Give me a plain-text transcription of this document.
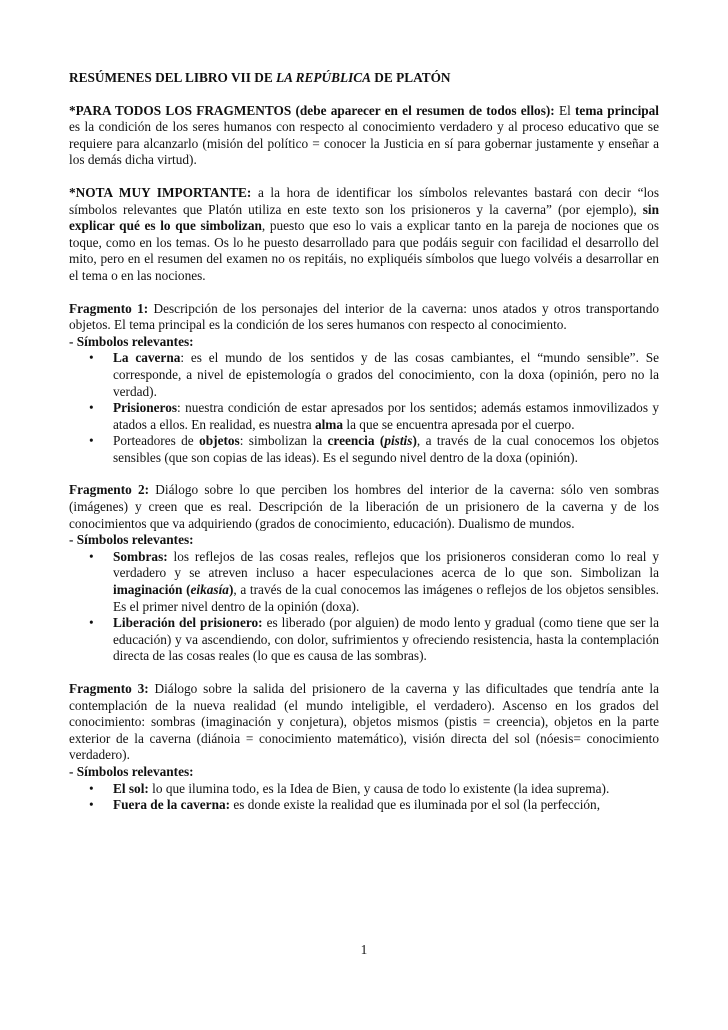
RESÚMENES DEL LIBRO VII DE LA REPÚBLICA DE PLATÓN

*PARA TODOS LOS FRAGMENTOS (debe aparecer en el resumen de todos ellos): El tema principal es la condición de los seres humanos con respecto al conocimiento verdadero y al proceso educativo que se requiere para alcanzarlo (misión del político = conocer la Justicia en sí para gobernar justamente y enseñar a los demás dicha virtud).

*NOTA MUY IMPORTANTE: a la hora de identificar los símbolos relevantes bastará con decir “los símbolos relevantes que Platón utiliza en este texto son los prisioneros y la caverna” (por ejemplo), sin explicar qué es lo que simbolizan, puesto que eso lo vais a explicar tanto en la pareja de nociones que os toque, como en los temas. Os lo he puesto desarrollado para que podáis seguir con facilidad el desarrollo del mito, pero en el resumen del examen no os repitáis, no expliquéis símbolos que luego volvéis a desarrollar en el tema o en las nociones.

Fragmento 1: Descripción de los personajes del interior de la caverna: unos atados y otros transportando objetos. El tema principal es la condición de los seres humanos con respecto al conocimiento.

- Símbolos relevantes:

• La caverna: es el mundo de los sentidos y de las cosas cambiantes, el “mundo sensible”. Se corresponde, a nivel de epistemología o grados del conocimiento, con la doxa (opinión, pero no la verdad).
• Prisioneros: nuestra condición de estar apresados por los sentidos; además estamos inmovilizados y atados a ellos. En realidad, es nuestra alma la que se encuentra apresada por el cuerpo.
• Porteadores de objetos: simbolizan la creencia (pistis), a través de la cual conocemos los objetos sensibles (que son copias de las ideas). Es el segundo nivel dentro de la doxa (opinión).

Fragmento 2: Diálogo sobre lo que perciben los hombres del interior de la caverna: sólo ven sombras (imágenes) y creen que es real. Descripción de la liberación de un prisionero de la caverna y de los conocimientos que va adquiriendo (grados de conocimiento, educación). Dualismo de mundos.

- Símbolos relevantes:

• Sombras: los reflejos de las cosas reales, reflejos que los prisioneros consideran como lo real y verdadero y se atreven incluso a hacer especulaciones acerca de lo que son. Simbolizan la imaginación (eikasía), a través de la cual conocemos las imágenes o reflejos de los objetos sensibles. Es el primer nivel dentro de la opinión (doxa).
• Liberación del prisionero: es liberado (por alguien) de modo lento y gradual (como tiene que ser la educación) y va ascendiendo, con dolor, sufrimientos y ofreciendo resistencia, hasta la contemplación directa de las cosas reales (lo que es causa de las sombras).

Fragmento 3: Diálogo sobre la salida del prisionero de la caverna y las dificultades que tendría ante la contemplación de la nueva realidad (el mundo inteligible, el verdadero). Ascenso en los grados del conocimiento: sombras (imaginación y conjetura), objetos mismos (pistis = creencia), objetos en la parte exterior de la caverna (diánoia = conocimiento matemático), visión directa del sol (nóesis= conocimiento verdadero).

- Símbolos relevantes:

• El sol: lo que ilumina todo, es la Idea de Bien, y causa de todo lo existente (la idea suprema).
• Fuera de la caverna: es donde existe la realidad que es iluminada por el sol (la perfección,
1
